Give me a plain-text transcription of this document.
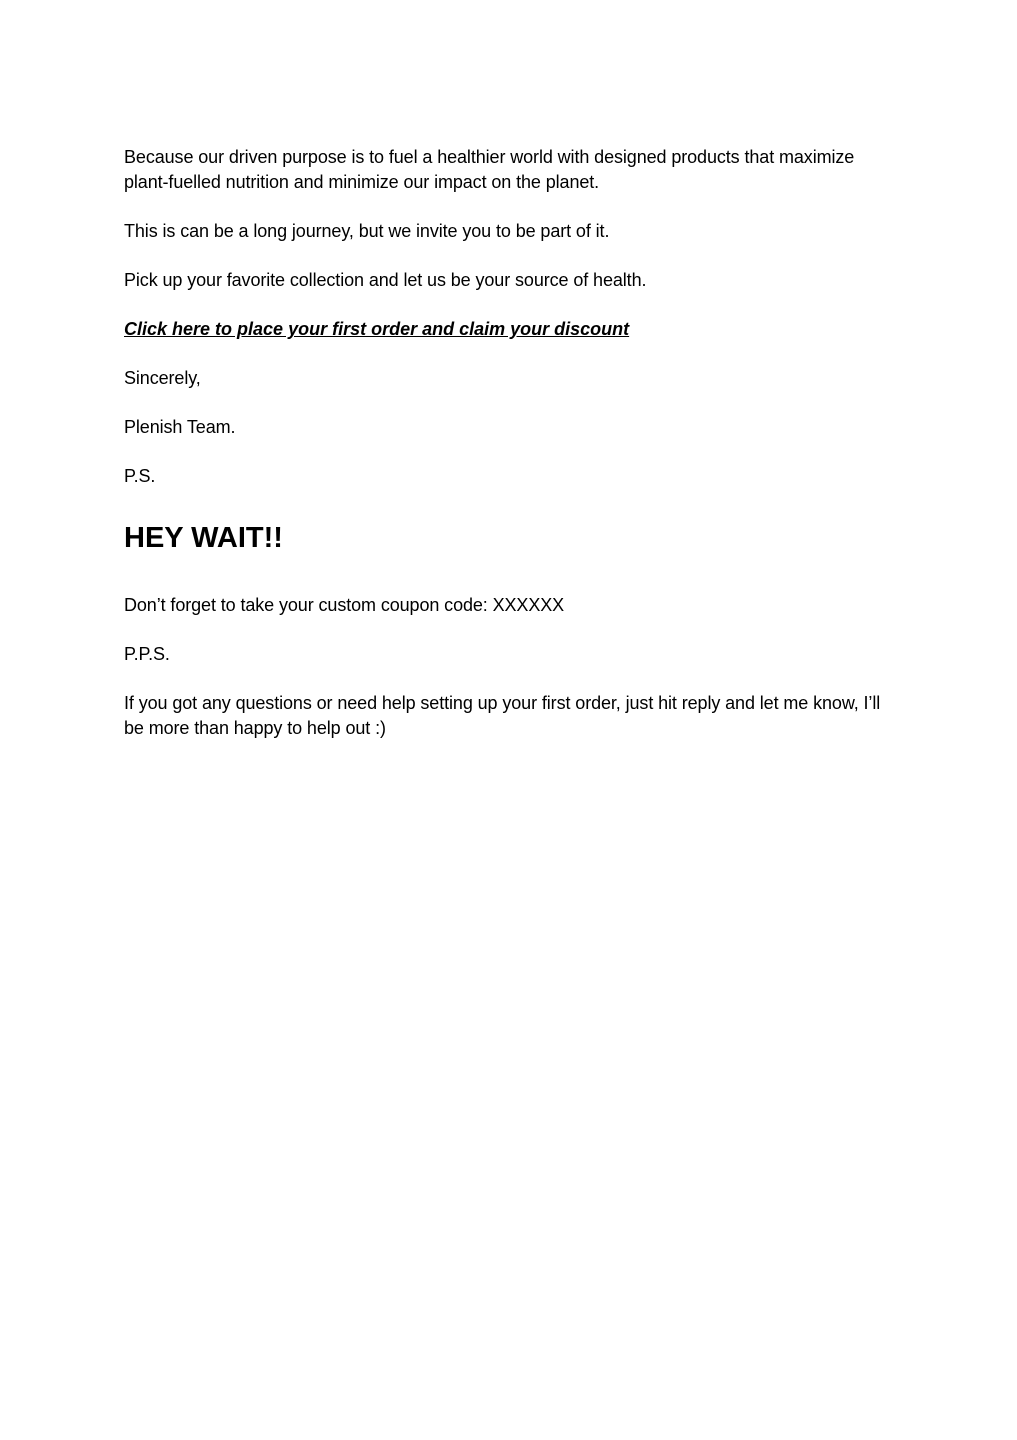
Because our driven purpose is to fuel a healthier world with designed products that maximize plant-fuelled nutrition and minimize our impact on the planet.

This is can be a long journey, but we invite you to be part of it.

Pick up your favorite collection and let us be your source of health.

Click here to place your first order and claim your discount

Sincerely,

Plenish Team.

P.S.

HEY WAIT!!

Don’t forget to take your custom coupon code: XXXXXX

P.P.S.

If you got any questions or need help setting up your first order, just hit reply and let me know, I’ll be more than happy to help out :)
